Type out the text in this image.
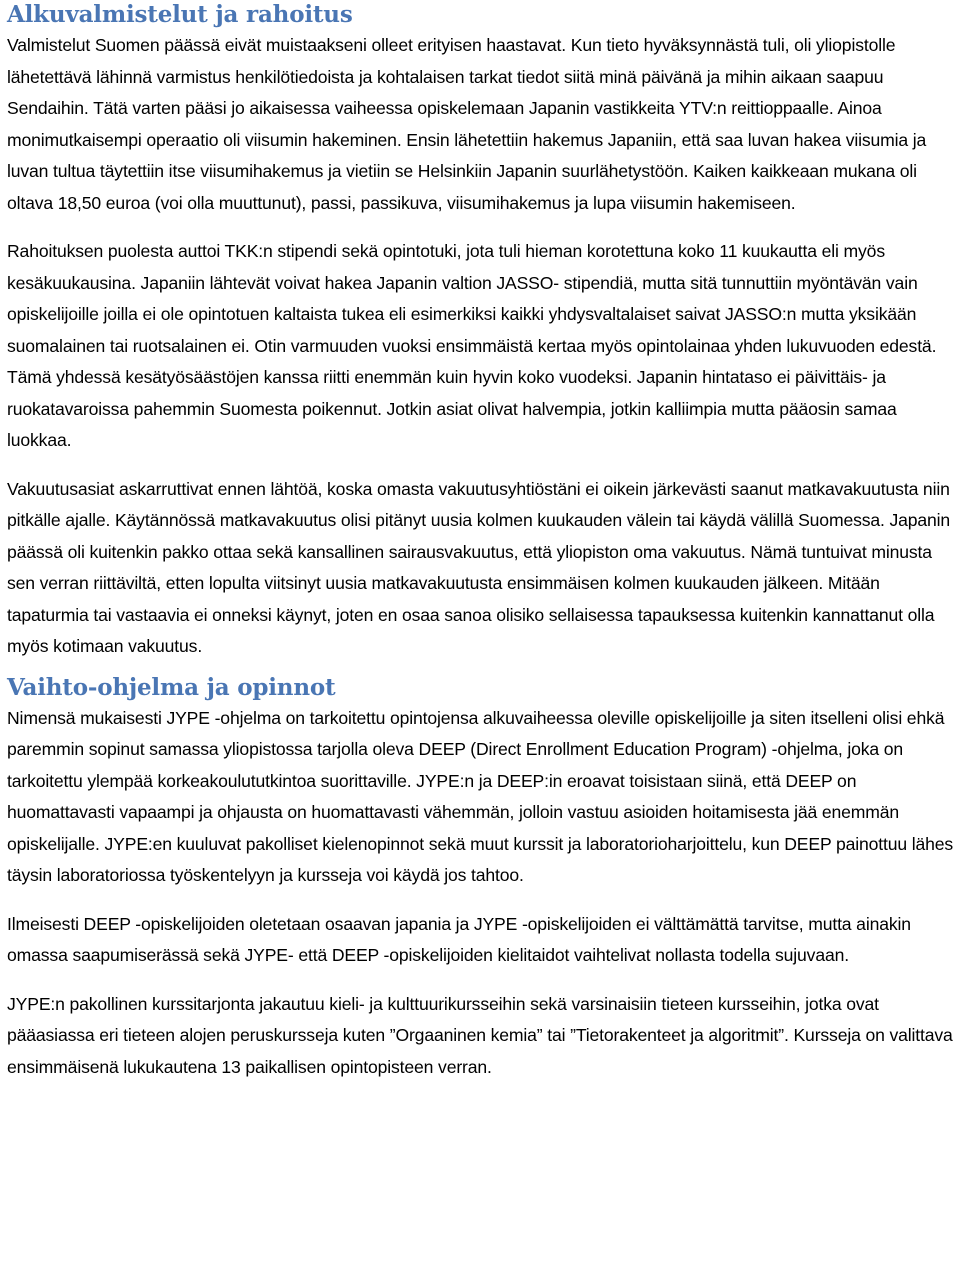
Alkuvalmistelut ja rahoitus

Valmistelut Suomen päässä eivät muistaakseni olleet erityisen haastavat. Kun tieto hyväksynnästä tuli, oli yliopistolle lähetettävä lähinnä varmistus henkilötiedoista ja kohtalaisen tarkat tiedot siitä minä päivänä ja mihin aikaan saapuu Sendaihin. Tätä varten pääsi jo aikaisessa vaiheessa opiskelemaan Japanin vastikkeita YTV:n reittioppaalle. Ainoa monimutkaisempi operaatio oli viisumin hakeminen. Ensin lähetettiin hakemus Japaniin, että saa luvan hakea viisumia ja luvan tultua täytettiin itse viisumihakemus ja vietiin se Helsinkiin Japanin suurlähetystöön. Kaiken kaikkeaan mukana oli oltava 18,50 euroa (voi olla muuttunut), passi, passikuva, viisumihakemus ja lupa viisumin hakemiseen.

Rahoituksen puolesta auttoi TKK:n stipendi sekä opintotuki, jota tuli hieman korotettuna koko 11 kuukautta eli myös kesäkuukausina. Japaniin lähtevät voivat hakea Japanin valtion JASSO- stipendiä, mutta sitä tunnuttiin myöntävän vain opiskelijoille joilla ei ole opintotuen kaltaista tukea eli esimerkiksi kaikki yhdysvaltalaiset saivat JASSO:n mutta yksikään suomalainen tai ruotsalainen ei. Otin varmuuden vuoksi ensimmäistä kertaa myös opintolainaa yhden lukuvuoden edestä. Tämä yhdessä kesätyösäästöjen kanssa riitti enemmän kuin hyvin koko vuodeksi. Japanin hintataso ei päivittäis- ja ruokatavaroissa pahemmin Suomesta poikennut. Jotkin asiat olivat halvempia, jotkin kalliimpia mutta pääosin samaa luokkaa.

Vakuutusasiat askarruttivat ennen lähtöä, koska omasta vakuutusyhtiöstäni ei oikein järkevästi saanut matkavakuutusta niin pitkälle ajalle. Käytännössä matkavakuutus olisi pitänyt uusia kolmen kuukauden välein tai käydä välillä Suomessa. Japanin päässä oli kuitenkin pakko ottaa sekä kansallinen sairausvakuutus, että yliopiston oma vakuutus. Nämä tuntuivat minusta sen verran riittäviltä, etten lopulta viitsinyt uusia matkavakuutusta ensimmäisen kolmen kuukauden jälkeen. Mitään tapaturmia tai vastaavia ei onneksi käynyt, joten en osaa sanoa olisiko sellaisessa tapauksessa kuitenkin kannattanut olla myös kotimaan vakuutus.

Vaihto-ohjelma ja opinnot

Nimensä mukaisesti JYPE -ohjelma on tarkoitettu opintojensa alkuvaiheessa oleville opiskelijoille ja siten itselleni olisi ehkä paremmin sopinut samassa yliopistossa tarjolla oleva DEEP (Direct Enrollment Education Program) -ohjelma, joka on tarkoitettu ylempää korkeakoulututkintoa suorittaville. JYPE:n ja DEEP:in eroavat toisistaan siinä, että DEEP on huomattavasti vapaampi ja ohjausta on huomattavasti vähemmän, jolloin vastuu asioiden hoitamisesta jää enemmän opiskelijalle. JYPE:en kuuluvat pakolliset kielenopinnot sekä muut kurssit ja laboratorioharjoittelu, kun DEEP painottuu lähes täysin laboratoriossa työskentelyyn ja kursseja voi käydä jos tahtoo.

Ilmeisesti DEEP -opiskelijoiden oletetaan osaavan japania ja JYPE -opiskelijoiden ei välttämättä tarvitse, mutta ainakin omassa saapumiserässä sekä JYPE- että DEEP -opiskelijoiden kielitaidot vaihtelivat nollasta todella sujuvaan.

JYPE:n pakollinen kurssitarjonta jakautuu kieli- ja kulttuurikursseihin sekä varsinaisiin tieteen kursseihin, jotka ovat pääasiassa eri tieteen alojen peruskursseja kuten ”Orgaaninen kemia” tai ”Tietorakenteet ja algoritmit”. Kursseja on valittava ensimmäisenä lukukautena 13 paikallisen opintopisteen verran.
